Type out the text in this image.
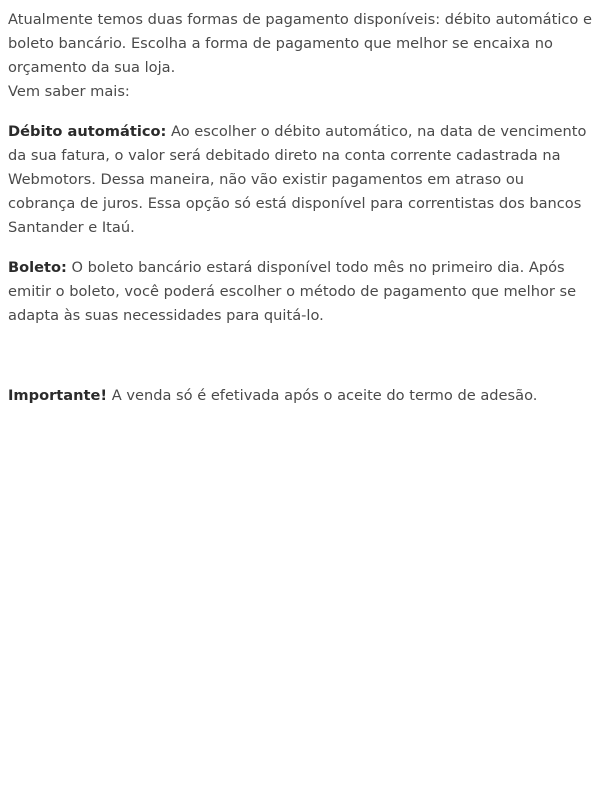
Atualmente temos duas formas de pagamento disponíveis: débito automático e boleto bancário. Escolha a forma de pagamento que melhor se encaixa no orçamento da sua loja.
Vem saber mais:
Débito automático: Ao escolher o débito automático, na data de vencimento da sua fatura, o valor será debitado direto na conta corrente cadastrada na Webmotors. Dessa maneira, não vão existir pagamentos em atraso ou cobrança de juros. Essa opção só está disponível para correntistas dos bancos Santander e Itaú.
Boleto: O boleto bancário estará disponível todo mês no primeiro dia. Após emitir o boleto, você poderá escolher o método de pagamento que melhor se adapta às suas necessidades para quitá-lo.
Importante! A venda só é efetivada após o aceite do termo de adesão.
